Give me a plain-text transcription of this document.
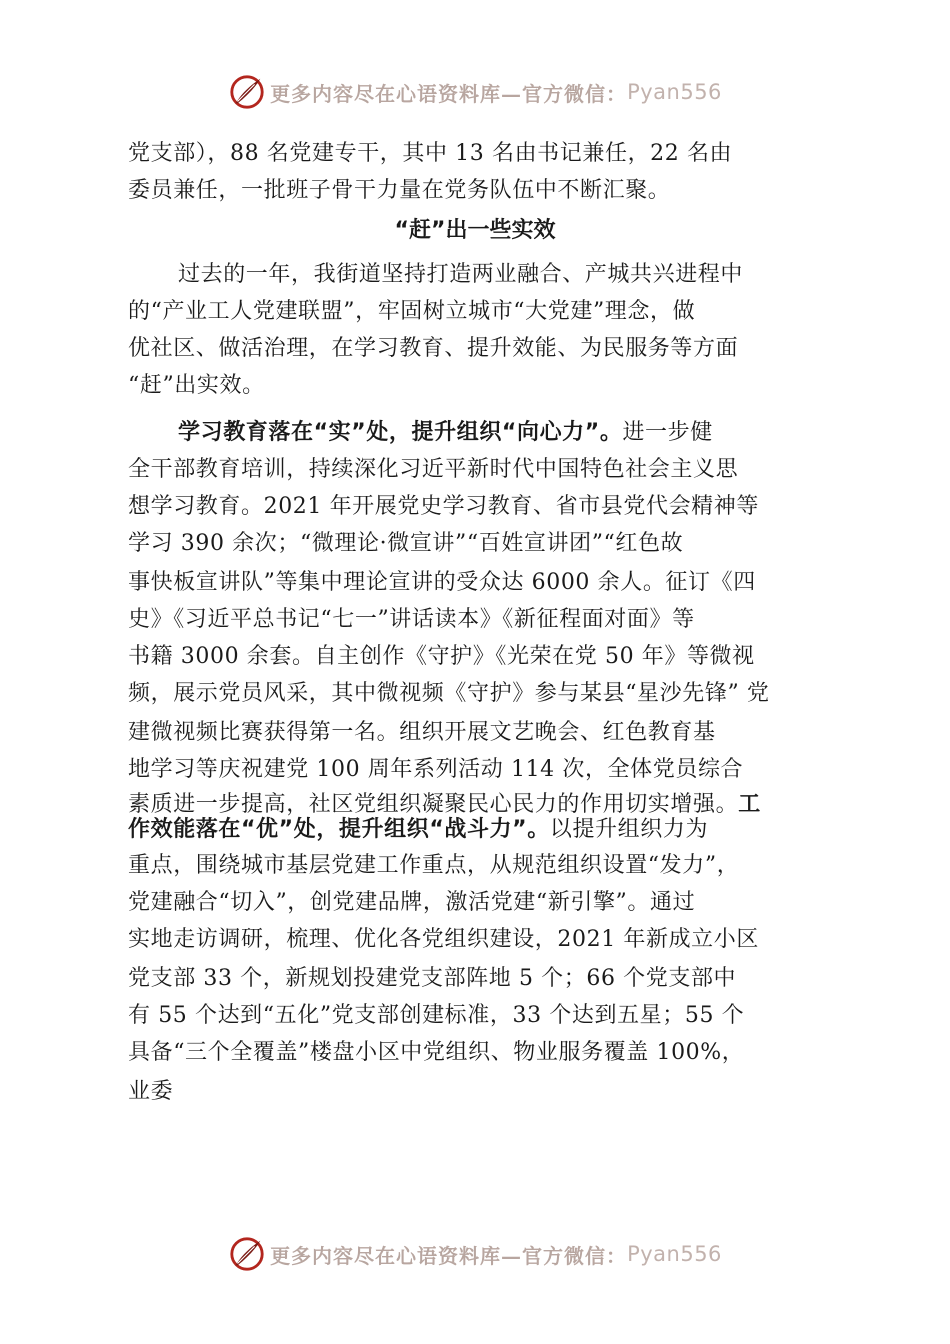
更多内容尽在心语资料库—官方微信： Pyan556
党支部），88 名党建专干，其中 13 名由书记兼任，22 名由
委员兼任，一批班子骨干力量在党务队伍中不断汇聚。
“赶”出一些实效
过去的一年，我街道坚持打造两业融合、产城共兴进程中
的“产业工人党建联盟”，牢固树立城市“大党建”理念，做
优社区、做活治理，在学习教育、提升效能、为民服务等方面
“赶”出实效。
学习教育落在“实”处，提升组织“向心力”。进一步健
全干部教育培训，持续深化习近平新时代中国特色社会主义思
想学习教育。2021 年开展党史学习教育、省市县党代会精神等
学习 390 余次；“微理论·微宣讲”“百姓宣讲团”“红色故
事快板宣讲队”等集中理论宣讲的受众达 6000 余人。征订《四
史》《习近平总书记“七一”讲话读本》《新征程面对面》等
书籍 3000 余套。自主创作《守护》《光荣在党 50 年》等微视
频，展示党员风采，其中微视频《守护》参与某县“星沙先锋” 党
建微视频比赛获得第一名。组织开展文艺晚会、红色教育基
地学习等庆祝建党 100 周年系列活动 114 次，全体党员综合
素质进一步提高，社区党组织凝聚民心民力的作用切实增强。工
作效能落在“优”处，提升组织“战斗力”。以提升组织力为
重点，围绕城市基层党建工作重点，从规范组织设置“发力”，
党建融合“切入”，创党建品牌，激活党建“新引擎”。通过
实地走访调研，梳理、优化各党组织建设，2021 年新成立小区
党支部 33 个，新规划投建党支部阵地 5 个；66 个党支部中
有 55 个达到“五化”党支部创建标准，33 个达到五星；55 个
具备“三个全覆盖”楼盘小区中党组织、物业服务覆盖 100%，
业委
更多内容尽在心语资料库—官方微信： Pyan556
